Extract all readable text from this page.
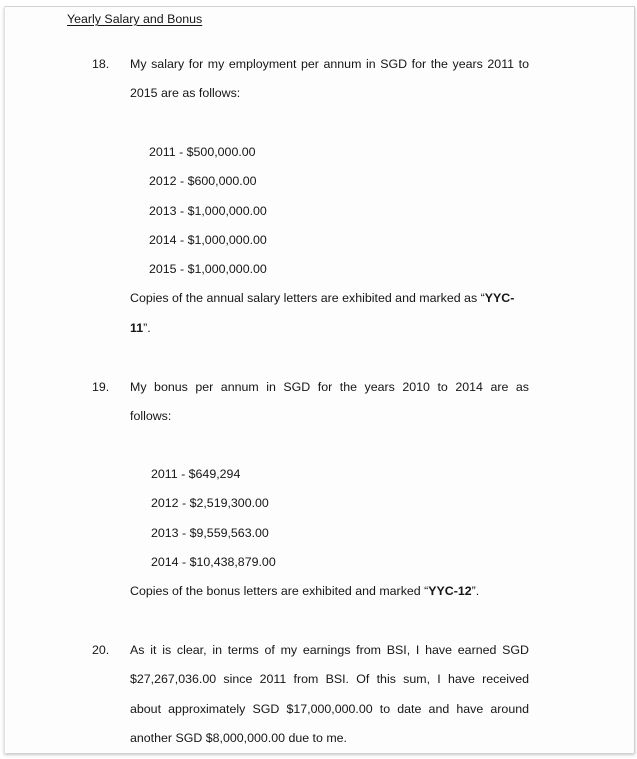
Yearly Salary and Bonus
18. My salary for my employment per annum in SGD for the years 2011 to
2015 are as follows:
2011 - $500,000.00
2012 - $600,000.00
2013 - $1,000,000.00
2014 - $1,000,000.00
2015 - $1,000,000.00
Copies of the annual salary letters are exhibited and marked as “YYC-
11”.
19. My bonus per annum in SGD for the years 2010 to 2014 are as
follows:
2011 - $649,294
2012 - $2,519,300.00
2013 - $9,559,563.00
2014 - $10,438,879.00
Copies of the bonus letters are exhibited and marked “YYC-12”.
20. As it is clear, in terms of my earnings from BSI, I have earned SGD
$27,267,036.00 since 2011 from BSI. Of this sum, I have received
about approximately SGD $17,000,000.00 to date and have around
another SGD $8,000,000.00 due to me.
